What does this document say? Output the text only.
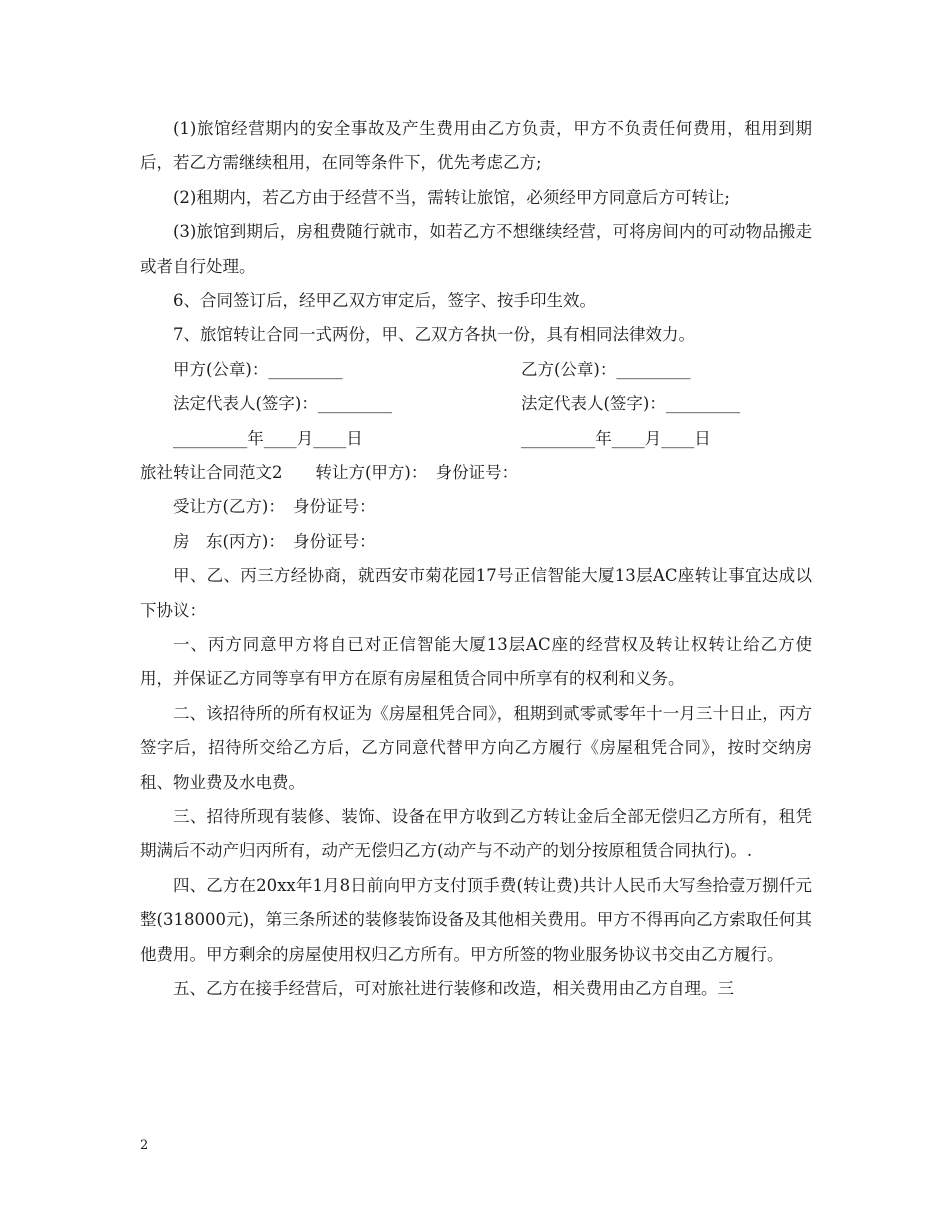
(1)旅馆经营期内的安全事故及产生费用由乙方负责，甲方不负责任何费用，租用到期后，若乙方需继续租用，在同等条件下，优先考虑乙方;

(2)租期内，若乙方由于经营不当，需转让旅馆，必须经甲方同意后方可转让;

(3)旅馆到期后，房租费随行就市，如若乙方不想继续经营，可将房间内的可动物品搬走或者自行处理。

6、合同签订后，经甲乙双方审定后，签字、按手印生效。

7、旅馆转让合同一式两份，甲、乙双方各执一份，具有相同法律效力。

甲方(公章)：_________	乙方(公章)：_________
法定代表人(签字)：_________	法定代表人(签字)：_________
_________年____月____日	_________年____月____日

旅社转让合同范文2　　转让方(甲方)：　身份证号：

受让方(乙方)：　身份证号：

房　东(丙方)：　身份证号：

甲、乙、丙三方经协商，就西安市菊花园17号正信智能大厦13层AC座转让事宜达成以下协议：

一、丙方同意甲方将自已对正信智能大厦13层AC座的经营权及转让权转让给乙方使用，并保证乙方同等享有甲方在原有房屋租赁合同中所享有的权利和义务。

二、该招待所的所有权证为《房屋租凭合同》，租期到贰零贰零年十一月三十日止，丙方签字后，招待所交给乙方后，乙方同意代替甲方向乙方履行《房屋租凭合同》，按时交纳房租、物业费及水电费。

三、招待所现有装修、装饰、设备在甲方收到乙方转让金后全部无偿归乙方所有，租凭期满后不动产归丙所有，动产无偿归乙方(动产与不动产的划分按原租赁合同执行)。.

四、乙方在20xx年1月8日前向甲方支付顶手费(转让费)共计人民币大写叁拾壹万捌仟元整(318000元)，第三条所述的装修装饰设备及其他相关费用。甲方不得再向乙方索取任何其他费用。甲方剩余的房屋使用权归乙方所有。甲方所签的物业服务协议书交由乙方履行。

五、乙方在接手经营后，可对旅社进行装修和改造，相关费用由乙方自理。三

2
